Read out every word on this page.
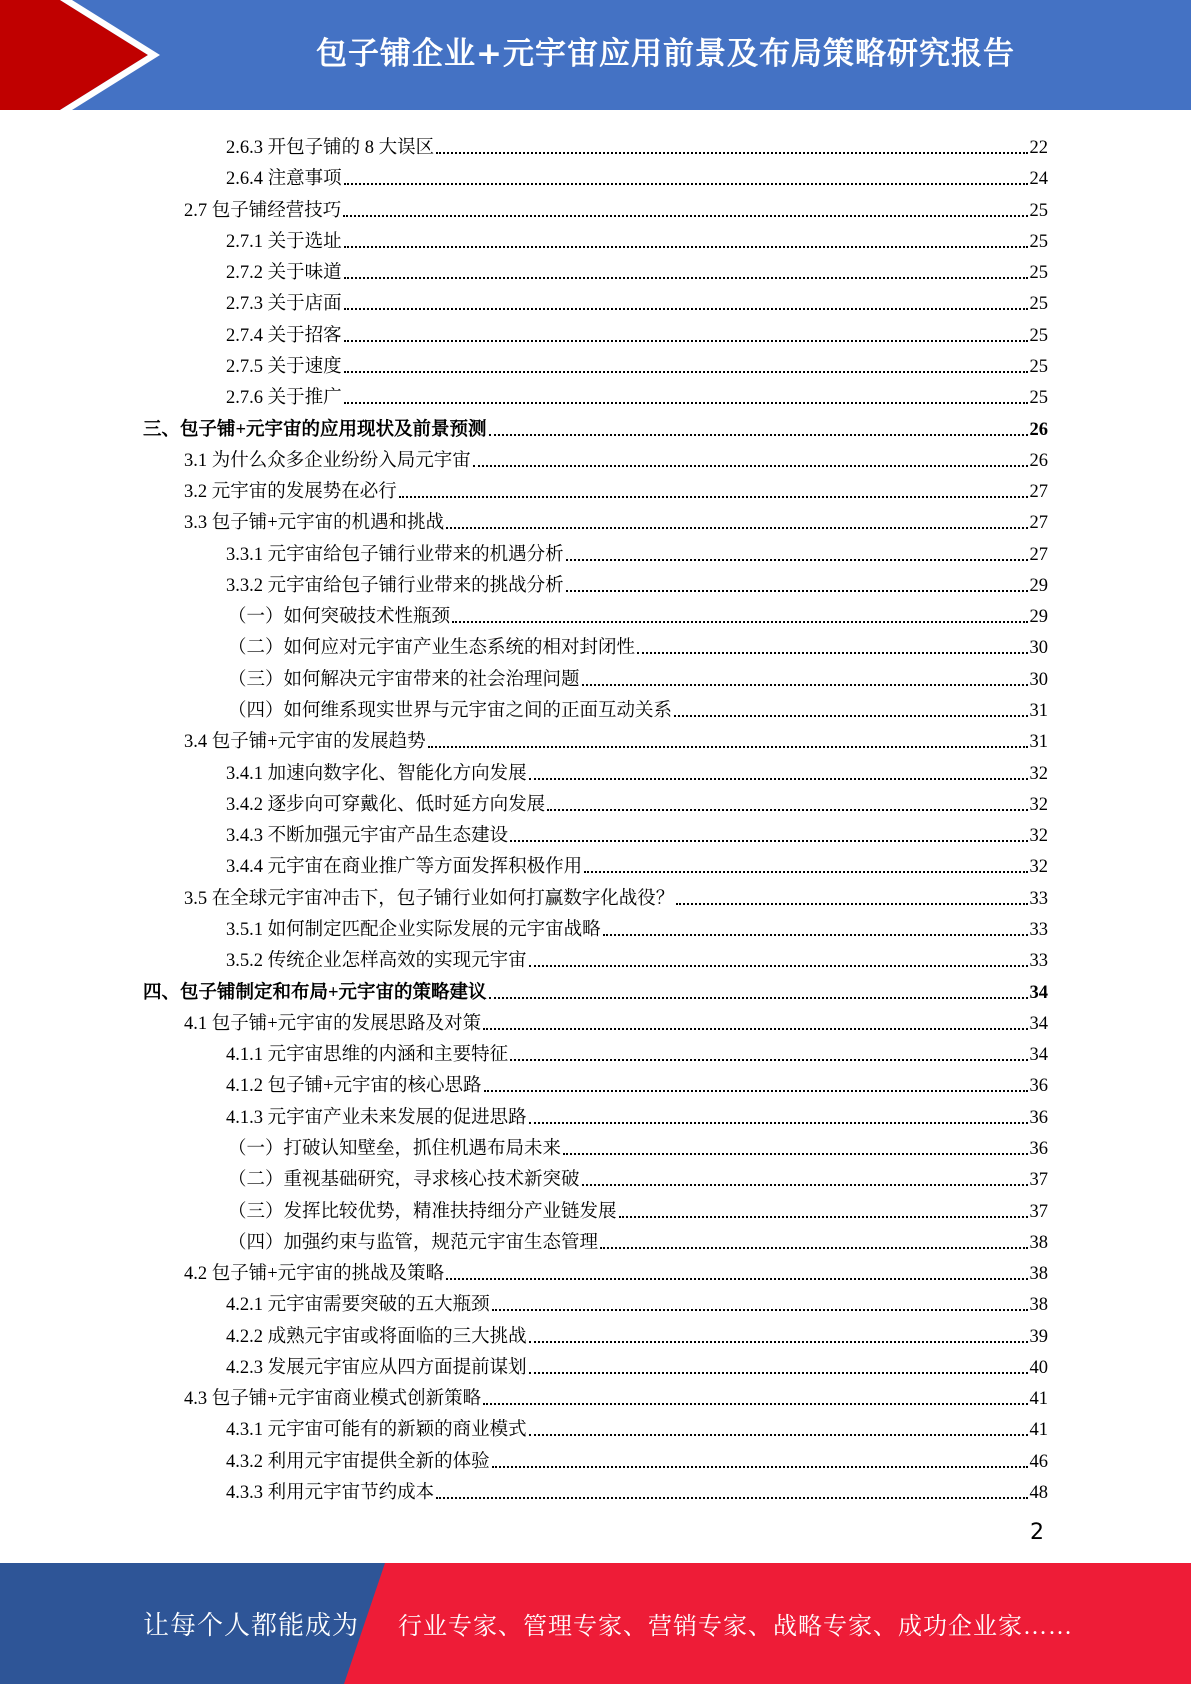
包子铺企业+元宇宙应用前景及布局策略研究报告
2.6.3 开包子铺的 8 大误区	22
2.6.4 注意事项	24
2.7 包子铺经营技巧	25
2.7.1 关于选址	25
2.7.2 关于味道	25
2.7.3 关于店面	25
2.7.4 关于招客	25
2.7.5 关于速度	25
2.7.6 关于推广	25
三、包子铺+元宇宙的应用现状及前景预测	26
3.1 为什么众多企业纷纷入局元宇宙	26
3.2 元宇宙的发展势在必行	27
3.3 包子铺+元宇宙的机遇和挑战	27
3.3.1 元宇宙给包子铺行业带来的机遇分析	27
3.3.2 元宇宙给包子铺行业带来的挑战分析	29
（一）如何突破技术性瓶颈	29
（二）如何应对元宇宙产业生态系统的相对封闭性	30
（三）如何解决元宇宙带来的社会治理问题	30
（四）如何维系现实世界与元宇宙之间的正面互动关系	31
3.4 包子铺+元宇宙的发展趋势	31
3.4.1 加速向数字化、智能化方向发展	32
3.4.2 逐步向可穿戴化、低时延方向发展	32
3.4.3 不断加强元宇宙产品生态建设	32
3.4.4 元宇宙在商业推广等方面发挥积极作用	32
3.5 在全球元宇宙冲击下，包子铺行业如何打赢数字化战役？	33
3.5.1 如何制定匹配企业实际发展的元宇宙战略	33
3.5.2 传统企业怎样高效的实现元宇宙	33
四、包子铺制定和布局+元宇宙的策略建议	34
4.1 包子铺+元宇宙的发展思路及对策	34
4.1.1 元宇宙思维的内涵和主要特征	34
4.1.2 包子铺+元宇宙的核心思路	36
4.1.3 元宇宙产业未来发展的促进思路	36
（一）打破认知壁垒，抓住机遇布局未来	36
（二）重视基础研究，寻求核心技术新突破	37
（三）发挥比较优势，精准扶持细分产业链发展	37
（四）加强约束与监管，规范元宇宙生态管理	38
4.2 包子铺+元宇宙的挑战及策略	38
4.2.1 元宇宙需要突破的五大瓶颈	38
4.2.2 成熟元宇宙或将面临的三大挑战	39
4.2.3 发展元宇宙应从四方面提前谋划	40
4.3 包子铺+元宇宙商业模式创新策略	41
4.3.1 元宇宙可能有的新颖的商业模式	41
4.3.2 利用元宇宙提供全新的体验	46
4.3.3 利用元宇宙节约成本	48
2
让每个人都能成为 行业专家、管理专家、营销专家、战略专家、成功企业家……
